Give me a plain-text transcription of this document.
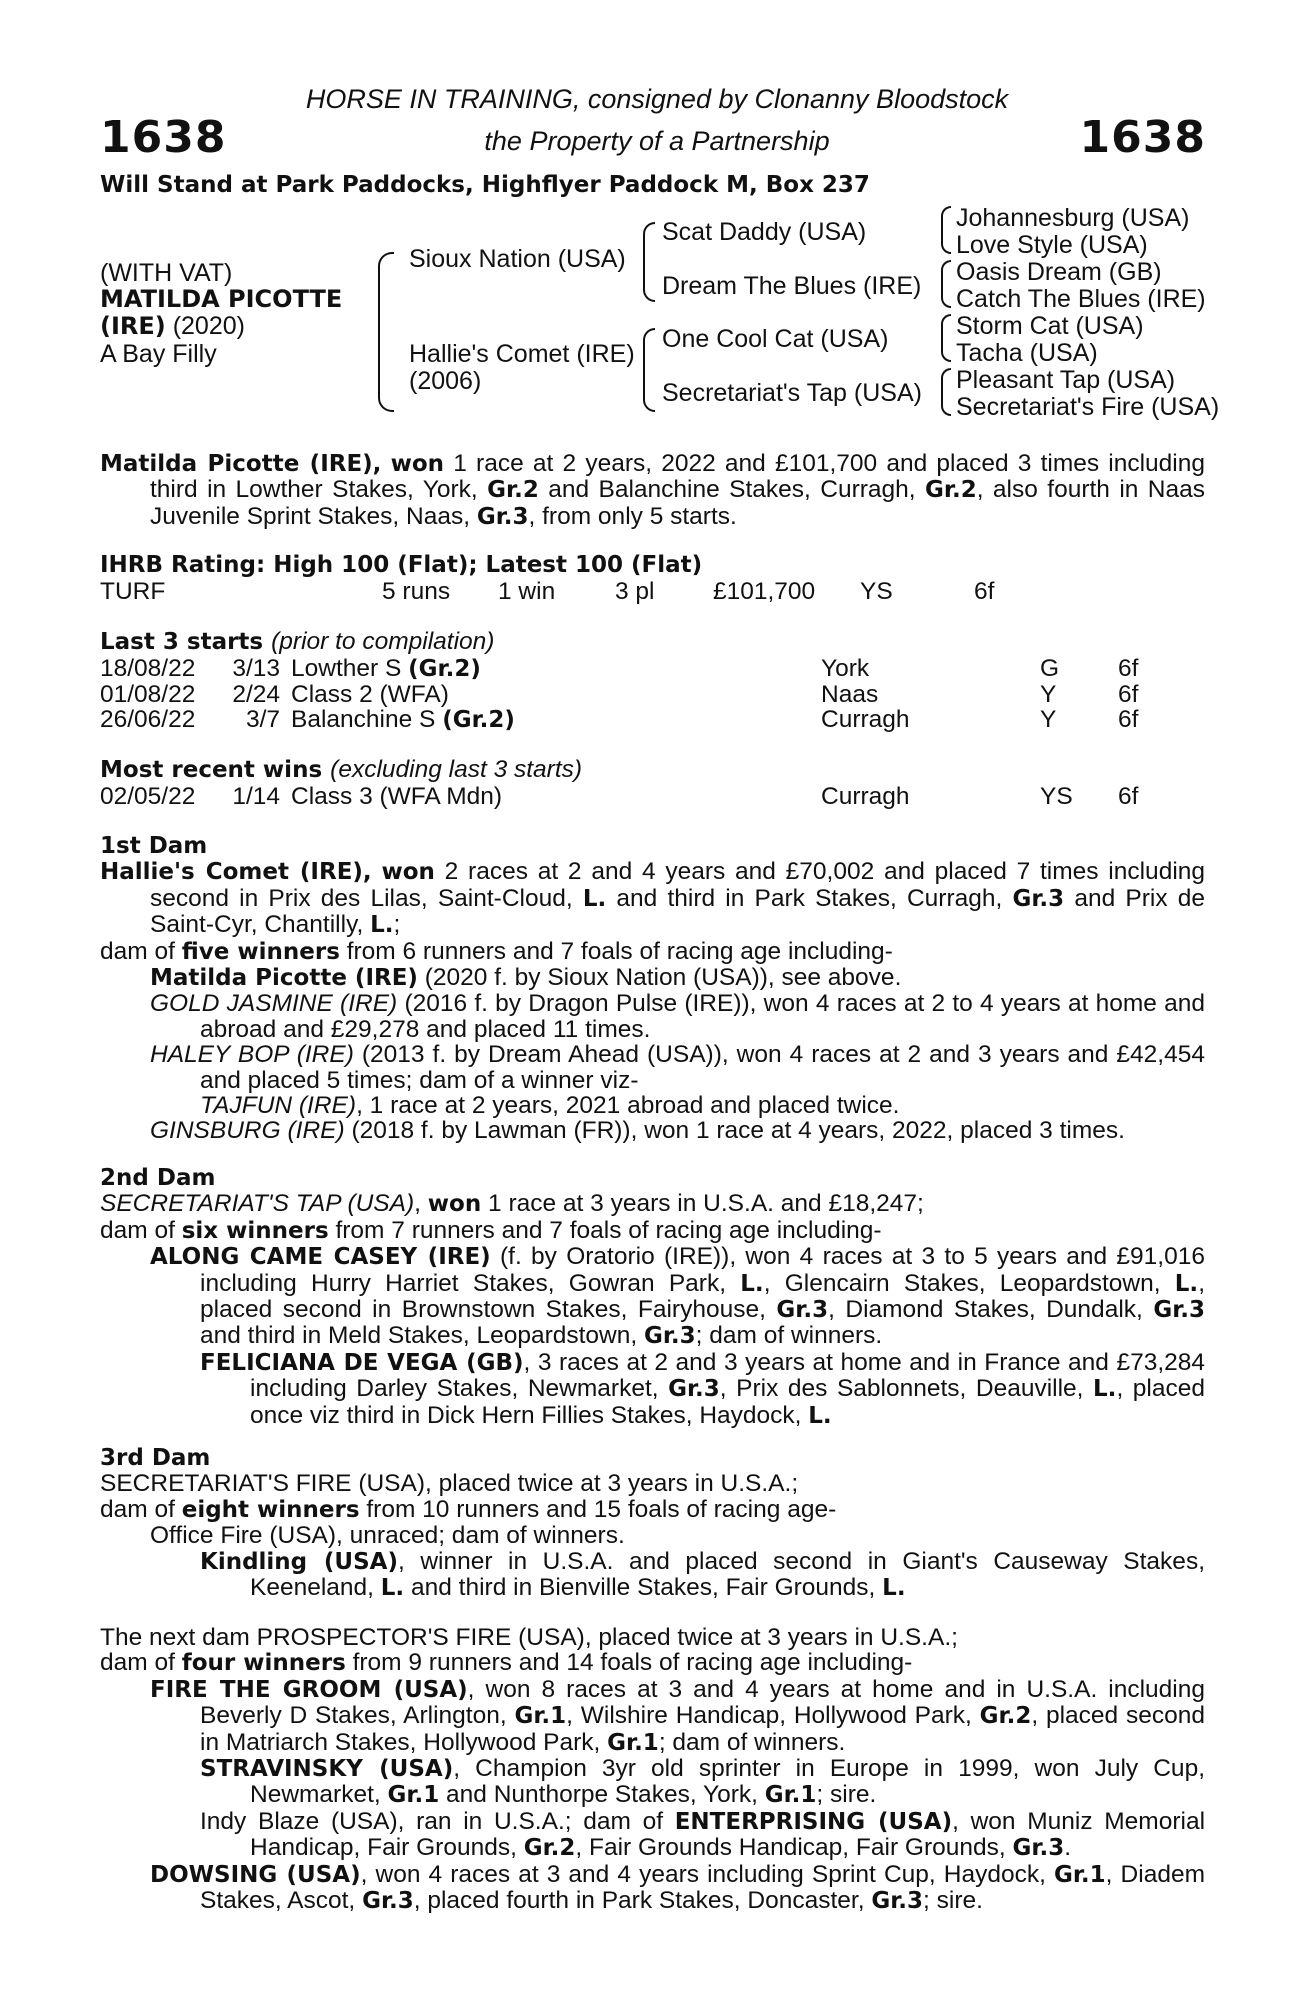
1638	1638
HORSE IN TRAINING, consigned by Clonanny Bloodstock
the Property of a Partnership
Will Stand at Park Paddocks, Highflyer Paddock M, Box 237
(WITH VAT)
MATILDA PICOTTE
(IRE) (2020)
A Bay Filly
Sioux Nation (USA)
Hallie's Comet (IRE)
(2006)
Scat Daddy (USA)
Dream The Blues (IRE)
One Cool Cat (USA)
Secretariat's Tap (USA)
Johannesburg (USA)
Love Style (USA)
Oasis Dream (GB)
Catch The Blues (IRE)
Storm Cat (USA)
Tacha (USA)
Pleasant Tap (USA)
Secretariat's Fire (USA)

Matilda Picotte (IRE), won 1 race at 2 years, 2022 and £101,700 and placed 3 times including third in Lowther Stakes, York, Gr.2 and Balanchine Stakes, Curragh, Gr.2, also fourth in Naas Juvenile Sprint Stakes, Naas, Gr.3, from only 5 starts.

IHRB Rating: High 100 (Flat); Latest 100 (Flat)

TURF	5 runs 1 win 3 pl £101,700 YS	6f

Last 3 starts (prior to compilation)

18/08/22	3/13 Lowther S (Gr.2)	York	G 6f
01/08/22	2/24 Class 2 (WFA)	Naas	Y	6f
26/06/22	3/7 Balanchine S (Gr.2)	Curragh	Y	6f

Most recent wins (excluding last 3 starts)

02/05/22	1/14 Class 3 (WFA Mdn)	Curragh	YS 6f

1st Dam

Hallie's Comet (IRE), won 2 races at 2 and 4 years and £70,002 and placed 7 times including second in Prix des Lilas, Saint-Cloud, L. and third in Park Stakes, Curragh, Gr.3 and Prix de Saint-Cyr, Chantilly, L.;

dam of five winners from 6 runners and 7 foals of racing age including-

Matilda Picotte (IRE) (2020 f. by Sioux Nation (USA)), see above.

GOLD JASMINE (IRE) (2016 f. by Dragon Pulse (IRE)), won 4 races at 2 to 4 years at home and abroad and £29,278 and placed 11 times.

HALEY BOP (IRE) (2013 f. by Dream Ahead (USA)), won 4 races at 2 and 3 years and £42,454 and placed 5 times; dam of a winner viz-

TAJFUN (IRE), 1 race at 2 years, 2021 abroad and placed twice.

GINSBURG (IRE) (2018 f. by Lawman (FR)), won 1 race at 4 years, 2022, placed 3 times.

2nd Dam

SECRETARIAT'S TAP (USA), won 1 race at 3 years in U.S.A. and £18,247;

dam of six winners from 7 runners and 7 foals of racing age including-

ALONG CAME CASEY (IRE) (f. by Oratorio (IRE)), won 4 races at 3 to 5 years and £91,016 including Hurry Harriet Stakes, Gowran Park, L., Glencairn Stakes, Leopardstown, L., placed second in Brownstown Stakes, Fairyhouse, Gr.3, Diamond Stakes, Dundalk, Gr.3 and third in Meld Stakes, Leopardstown, Gr.3; dam of winners.

FELICIANA DE VEGA (GB), 3 races at 2 and 3 years at home and in France and £73,284 including Darley Stakes, Newmarket, Gr.3, Prix des Sablonnets, Deauville, L., placed once viz third in Dick Hern Fillies Stakes, Haydock, L.

3rd Dam

SECRETARIAT'S FIRE (USA), placed twice at 3 years in U.S.A.;

dam of eight winners from 10 runners and 15 foals of racing age-

Office Fire (USA), unraced; dam of winners.

Kindling (USA), winner in U.S.A. and placed second in Giant's Causeway Stakes, Keeneland, L. and third in Bienville Stakes, Fair Grounds, L.

The next dam PROSPECTOR'S FIRE (USA), placed twice at 3 years in U.S.A.;

dam of four winners from 9 runners and 14 foals of racing age including-

FIRE THE GROOM (USA), won 8 races at 3 and 4 years at home and in U.S.A. including Beverly D Stakes, Arlington, Gr.1, Wilshire Handicap, Hollywood Park, Gr.2, placed second in Matriarch Stakes, Hollywood Park, Gr.1; dam of winners.

STRAVINSKY (USA), Champion 3yr old sprinter in Europe in 1999, won July Cup, Newmarket, Gr.1 and Nunthorpe Stakes, York, Gr.1; sire.

Indy Blaze (USA), ran in U.S.A.; dam of ENTERPRISING (USA), won Muniz Memorial Handicap, Fair Grounds, Gr.2, Fair Grounds Handicap, Fair Grounds, Gr.3.

DOWSING (USA), won 4 races at 3 and 4 years including Sprint Cup, Haydock, Gr.1, Diadem Stakes, Ascot, Gr.3, placed fourth in Park Stakes, Doncaster, Gr.3; sire.
